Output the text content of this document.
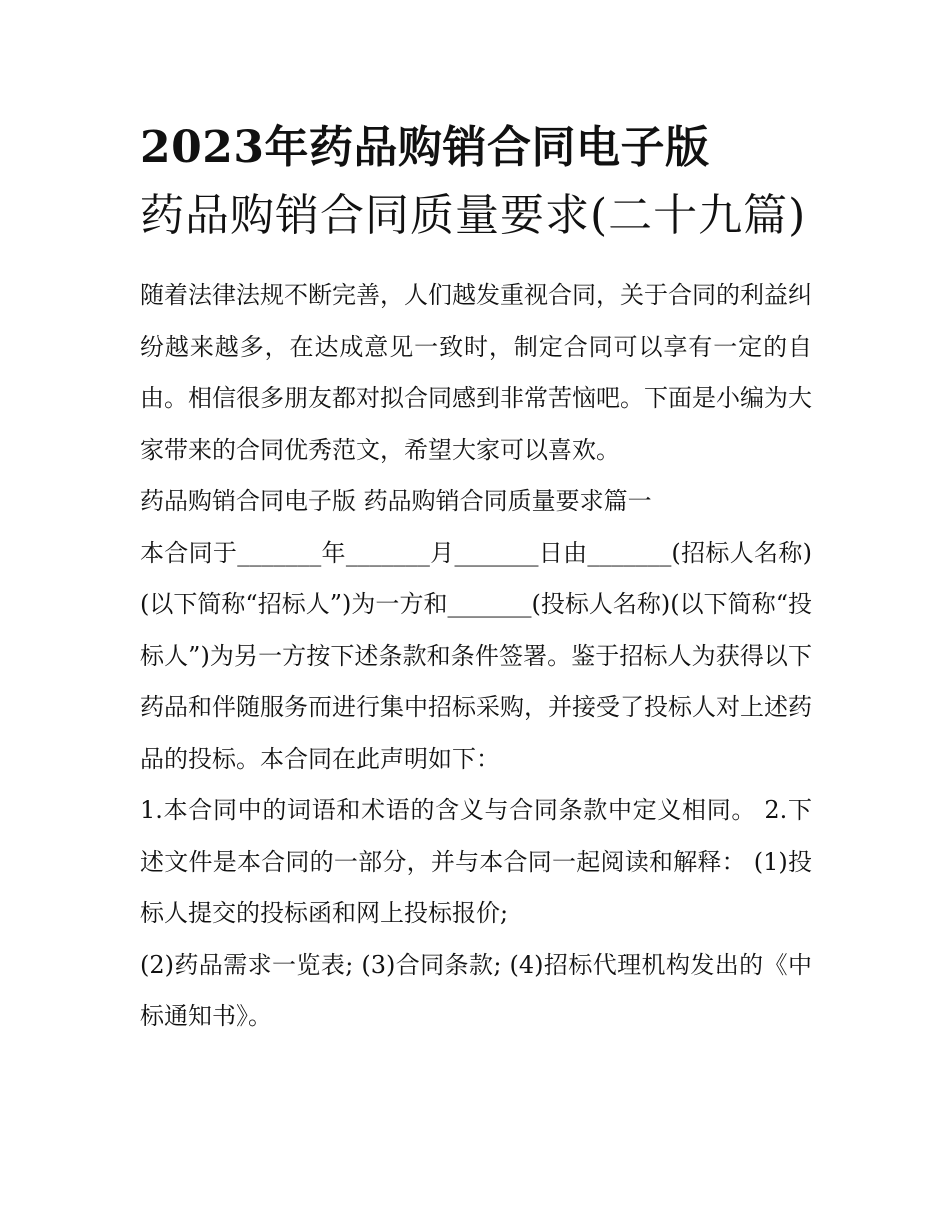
2023年药品购销合同电子版
药品购销合同质量要求(二十九篇)

随着法律法规不断完善，人们越发重视合同，关于合同的利益纠纷越来越多，在达成意见一致时，制定合同可以享有一定的自由。相信很多朋友都对拟合同感到非常苦恼吧。下面是小编为大家带来的合同优秀范文，希望大家可以喜欢。

药品购销合同电子版 药品购销合同质量要求篇一

本合同于_______年_______月_______日由_______(招标人名称)(以下简称“招标人”)为一方和_______(投标人名称)(以下简称“投标人”)为另一方按下述条款和条件签署。鉴于招标人为获得以下药品和伴随服务而进行集中招标采购，并接受了投标人对上述药品的投标。本合同在此声明如下：

1.本合同中的词语和术语的含义与合同条款中定义相同。 2.下述文件是本合同的一部分，并与本合同一起阅读和解释： (1)投标人提交的投标函和网上投标报价;

(2)药品需求一览表; (3)合同条款; (4)招标代理机构发出的《中标通知书》。
